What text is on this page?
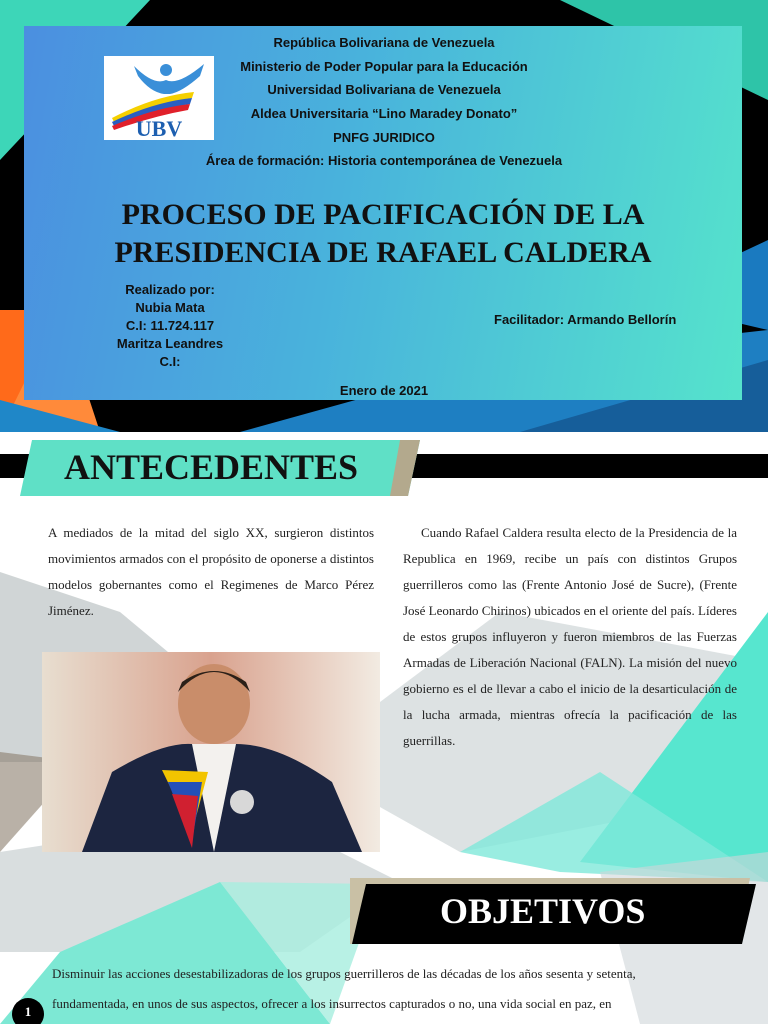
UBV
República Bolivariana de Venezuela
Ministerio de Poder Popular para la Educación
Universidad Bolivariana de Venezuela
Aldea Universitaria “Lino Maradey Donato”
PNFG JURIDICO
Área de formación: Historia contemporánea de Venezuela
PROCESO DE PACIFICACIÓN DE LA
PRESIDENCIA DE RAFAEL CALDERA
Realizado por:
Nubia Mata
C.I: 11.724.117
Maritza Leandres
C.I:
Facilitador: Armando Bellorín
Enero de 2021
ANTECEDENTES
A mediados de la mitad del siglo XX, surgieron distintos movimientos armados con el propósito de oponerse a distintos modelos gobernantes como el Regimenes de Marco Pérez Jiménez.
Cuando Rafael Caldera resulta electo de la Presidencia de la Republica en 1969, recibe un país con distintos Grupos guerrilleros como las (Frente Antonio José de Sucre), (Frente José Leonardo Chirinos) ubicados en el oriente del país. Líderes de estos grupos influyeron y fueron miembros de las Fuerzas Armadas de Liberación Nacional (FALN). La misión del nuevo gobierno es el de llevar a cabo el inicio de la desarticulación de la lucha armada, mientras ofrecía la pacificación de las guerrillas.
OBJETIVOS
Disminuir las acciones desestabilizadoras de los grupos guerrilleros de las décadas de los años sesenta y setenta,
fundamentada, en unos de sus aspectos, ofrecer a los insurrectos capturados o no, una vida social en paz, en
1
